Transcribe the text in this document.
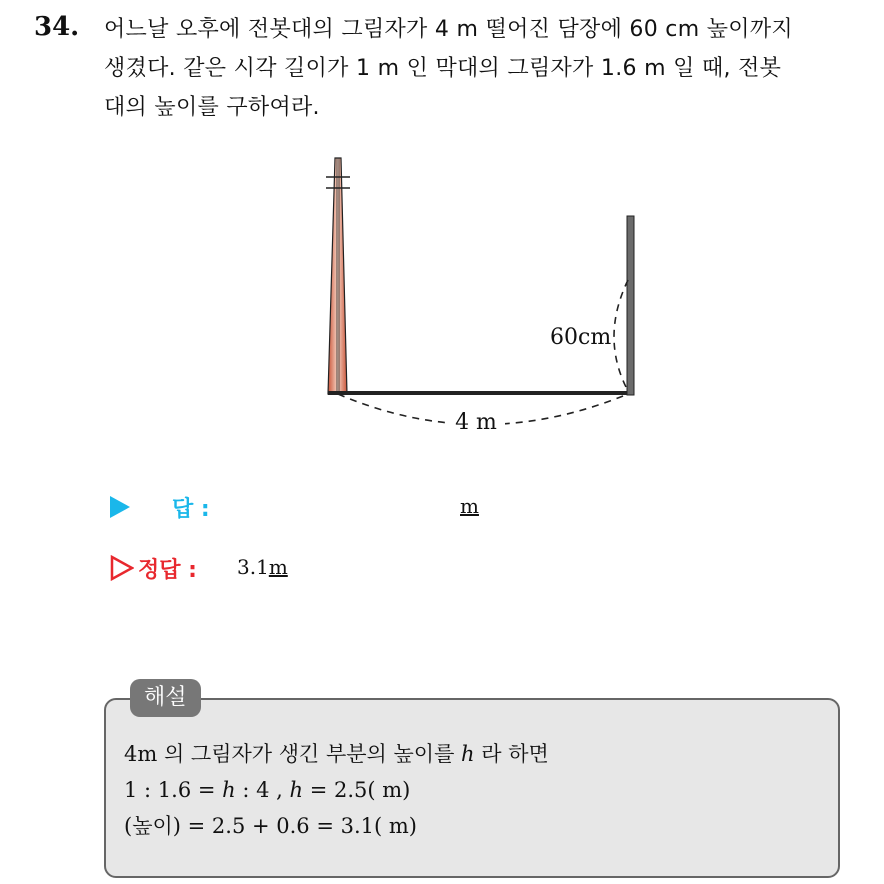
34. 어느날 오후에 전봇대의 그림자가 4 m 떨어진 담장에 60 cm 높이까지
생겼다. 같은 시각 길이가 1 m 인 막대의 그림자가 1.6 m 일 때, 전봇
대의 높이를 구하여라.
60cm
4 m
답 :	m
정답 : 3.1m
해설
4m 의 그림자가 생긴 부분의 높이를 h 라 하면
1 : 1.6 = h : 4 , h = 2.5( m)
(높이) = 2.5 + 0.6 = 3.1( m)
